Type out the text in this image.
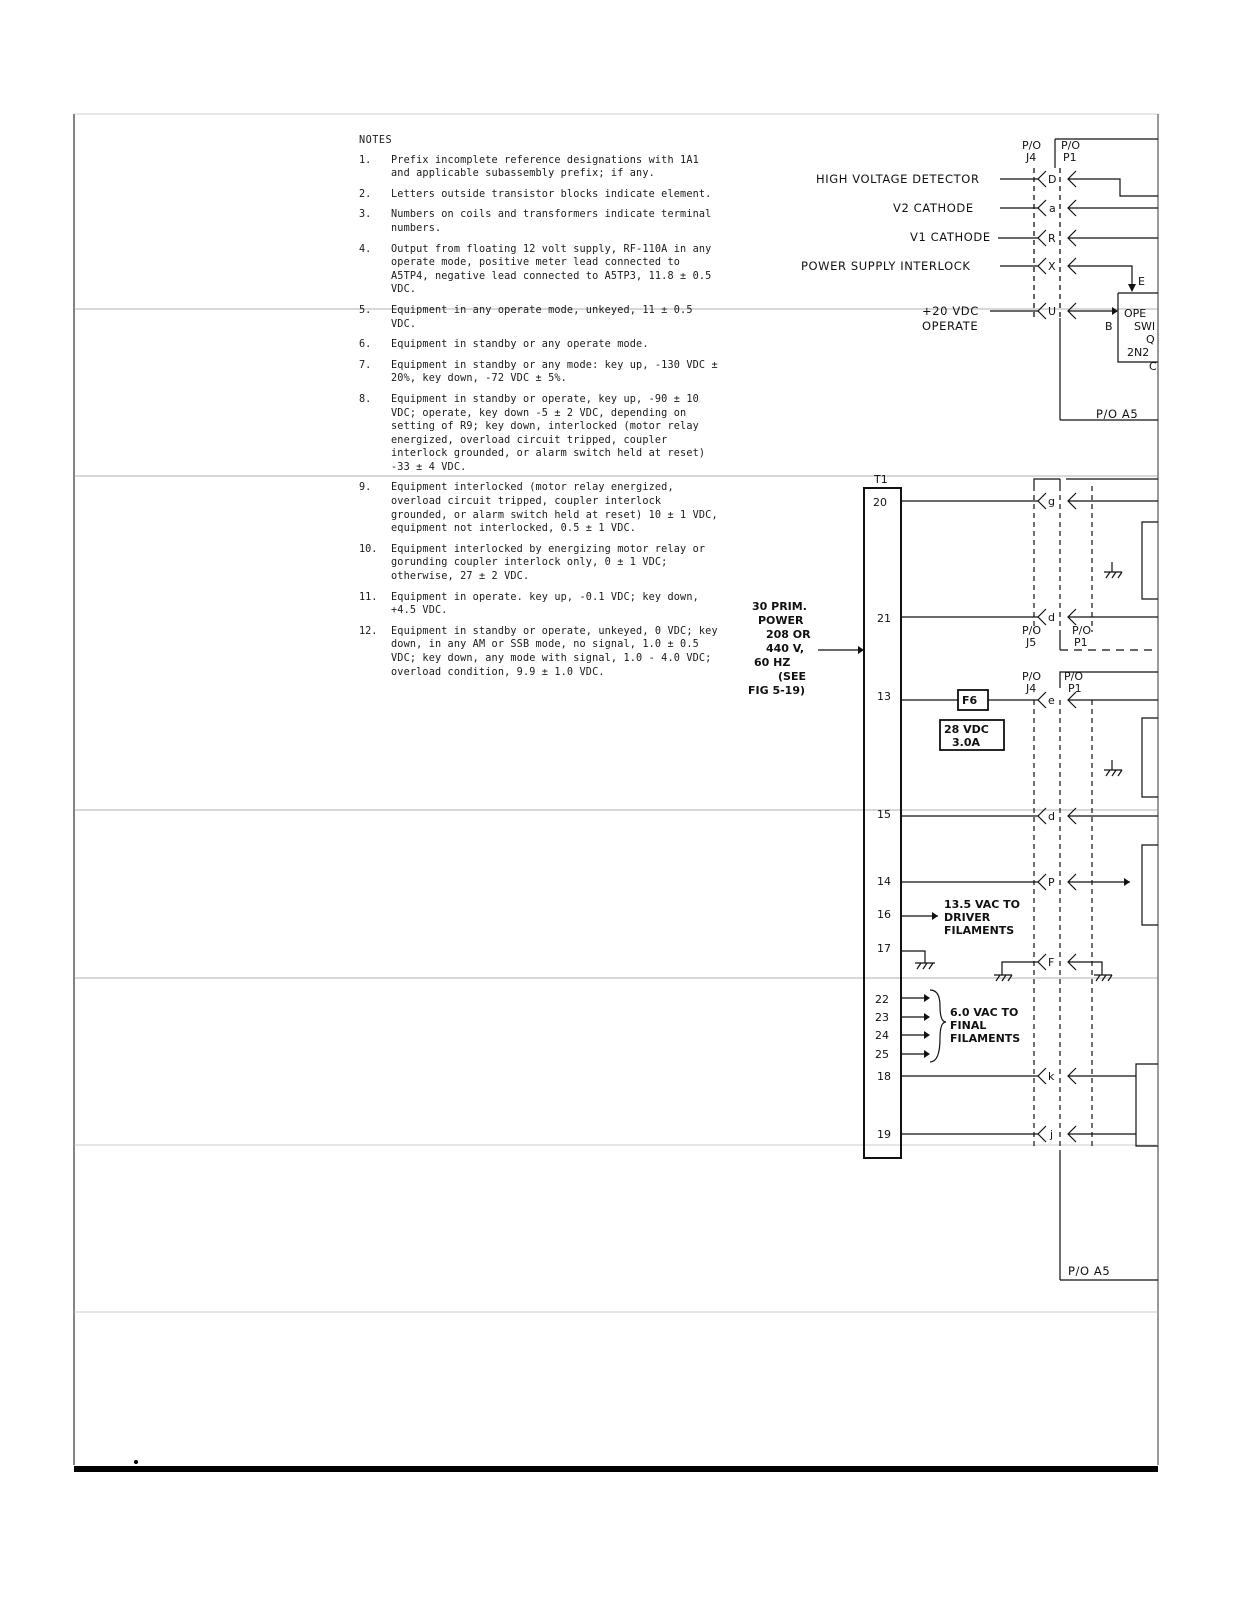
P/O
J4
P/O
P1
P/O A5
HIGH VOLTAGE DETECTOR
V2 CATHODE
V1 CATHODE
POWER SUPPLY INTERLOCK
+20 VDC
OPERATE
D
a
R
X
U
E
B
OPE
SWI
Q
2N2
C
T1
20
21
13
15
14
16
17
22
23
24
25
18
19
30 PRIM.
POWER
208 OR
440 V,
60 HZ
(SEE
FIG 5-19)
g
d
e
d
P
F
k
j
P/O
J5
P/O
P1
P/O
J4
P/O
P1
P/O A5
F6
28 VDC
3.0A
13.5 VAC TO
DRIVER
FILAMENTS
6.0 VAC TO
FINAL
FILAMENTS
NOTES
1.	Prefix incomplete reference designations with 1A1 and applicable subassembly prefix; if any.
2.	Letters outside transistor blocks indicate element.
3.	Numbers on coils and transformers indicate terminal numbers.
4.	Output from floating 12 volt supply, RF-110A in any operate mode, positive meter lead connected to A5TP4, negative lead connected to A5TP3, 11.8 ± 0.5 VDC.
5.	Equipment in any operate mode, unkeyed, 11 ± 0.5 VDC.
6.	Equipment in standby or any operate mode.
7.	Equipment in standby or any mode: key up, -130 VDC ± 20%, key down, -72 VDC ± 5%.
8.	Equipment in standby or operate, key up, -90 ± 10 VDC; operate, key down -5 ± 2 VDC, depending on setting of R9; key down, interlocked (motor relay energized, overload circuit tripped, coupler interlock grounded, or alarm switch held at reset) -33 ± 4 VDC.
9.	Equipment interlocked (motor relay energized, overload circuit tripped, coupler interlock grounded, or alarm switch held at reset) 10 ± 1 VDC, equipment not interlocked, 0.5 ± 1 VDC.
10.	Equipment interlocked by energizing motor relay or gorunding coupler interlock only, 0 ± 1 VDC; otherwise, 27 ± 2 VDC.
11.	Equipment in operate. key up, -0.1 VDC; key down, +4.5 VDC.
12.	Equipment in standby or operate, unkeyed, 0 VDC; key down, in any AM or SSB mode, no signal, 1.0 ± 0.5 VDC; key down, any mode with signal, 1.0 - 4.0 VDC; overload condition, 9.9 ± 1.0 VDC.
